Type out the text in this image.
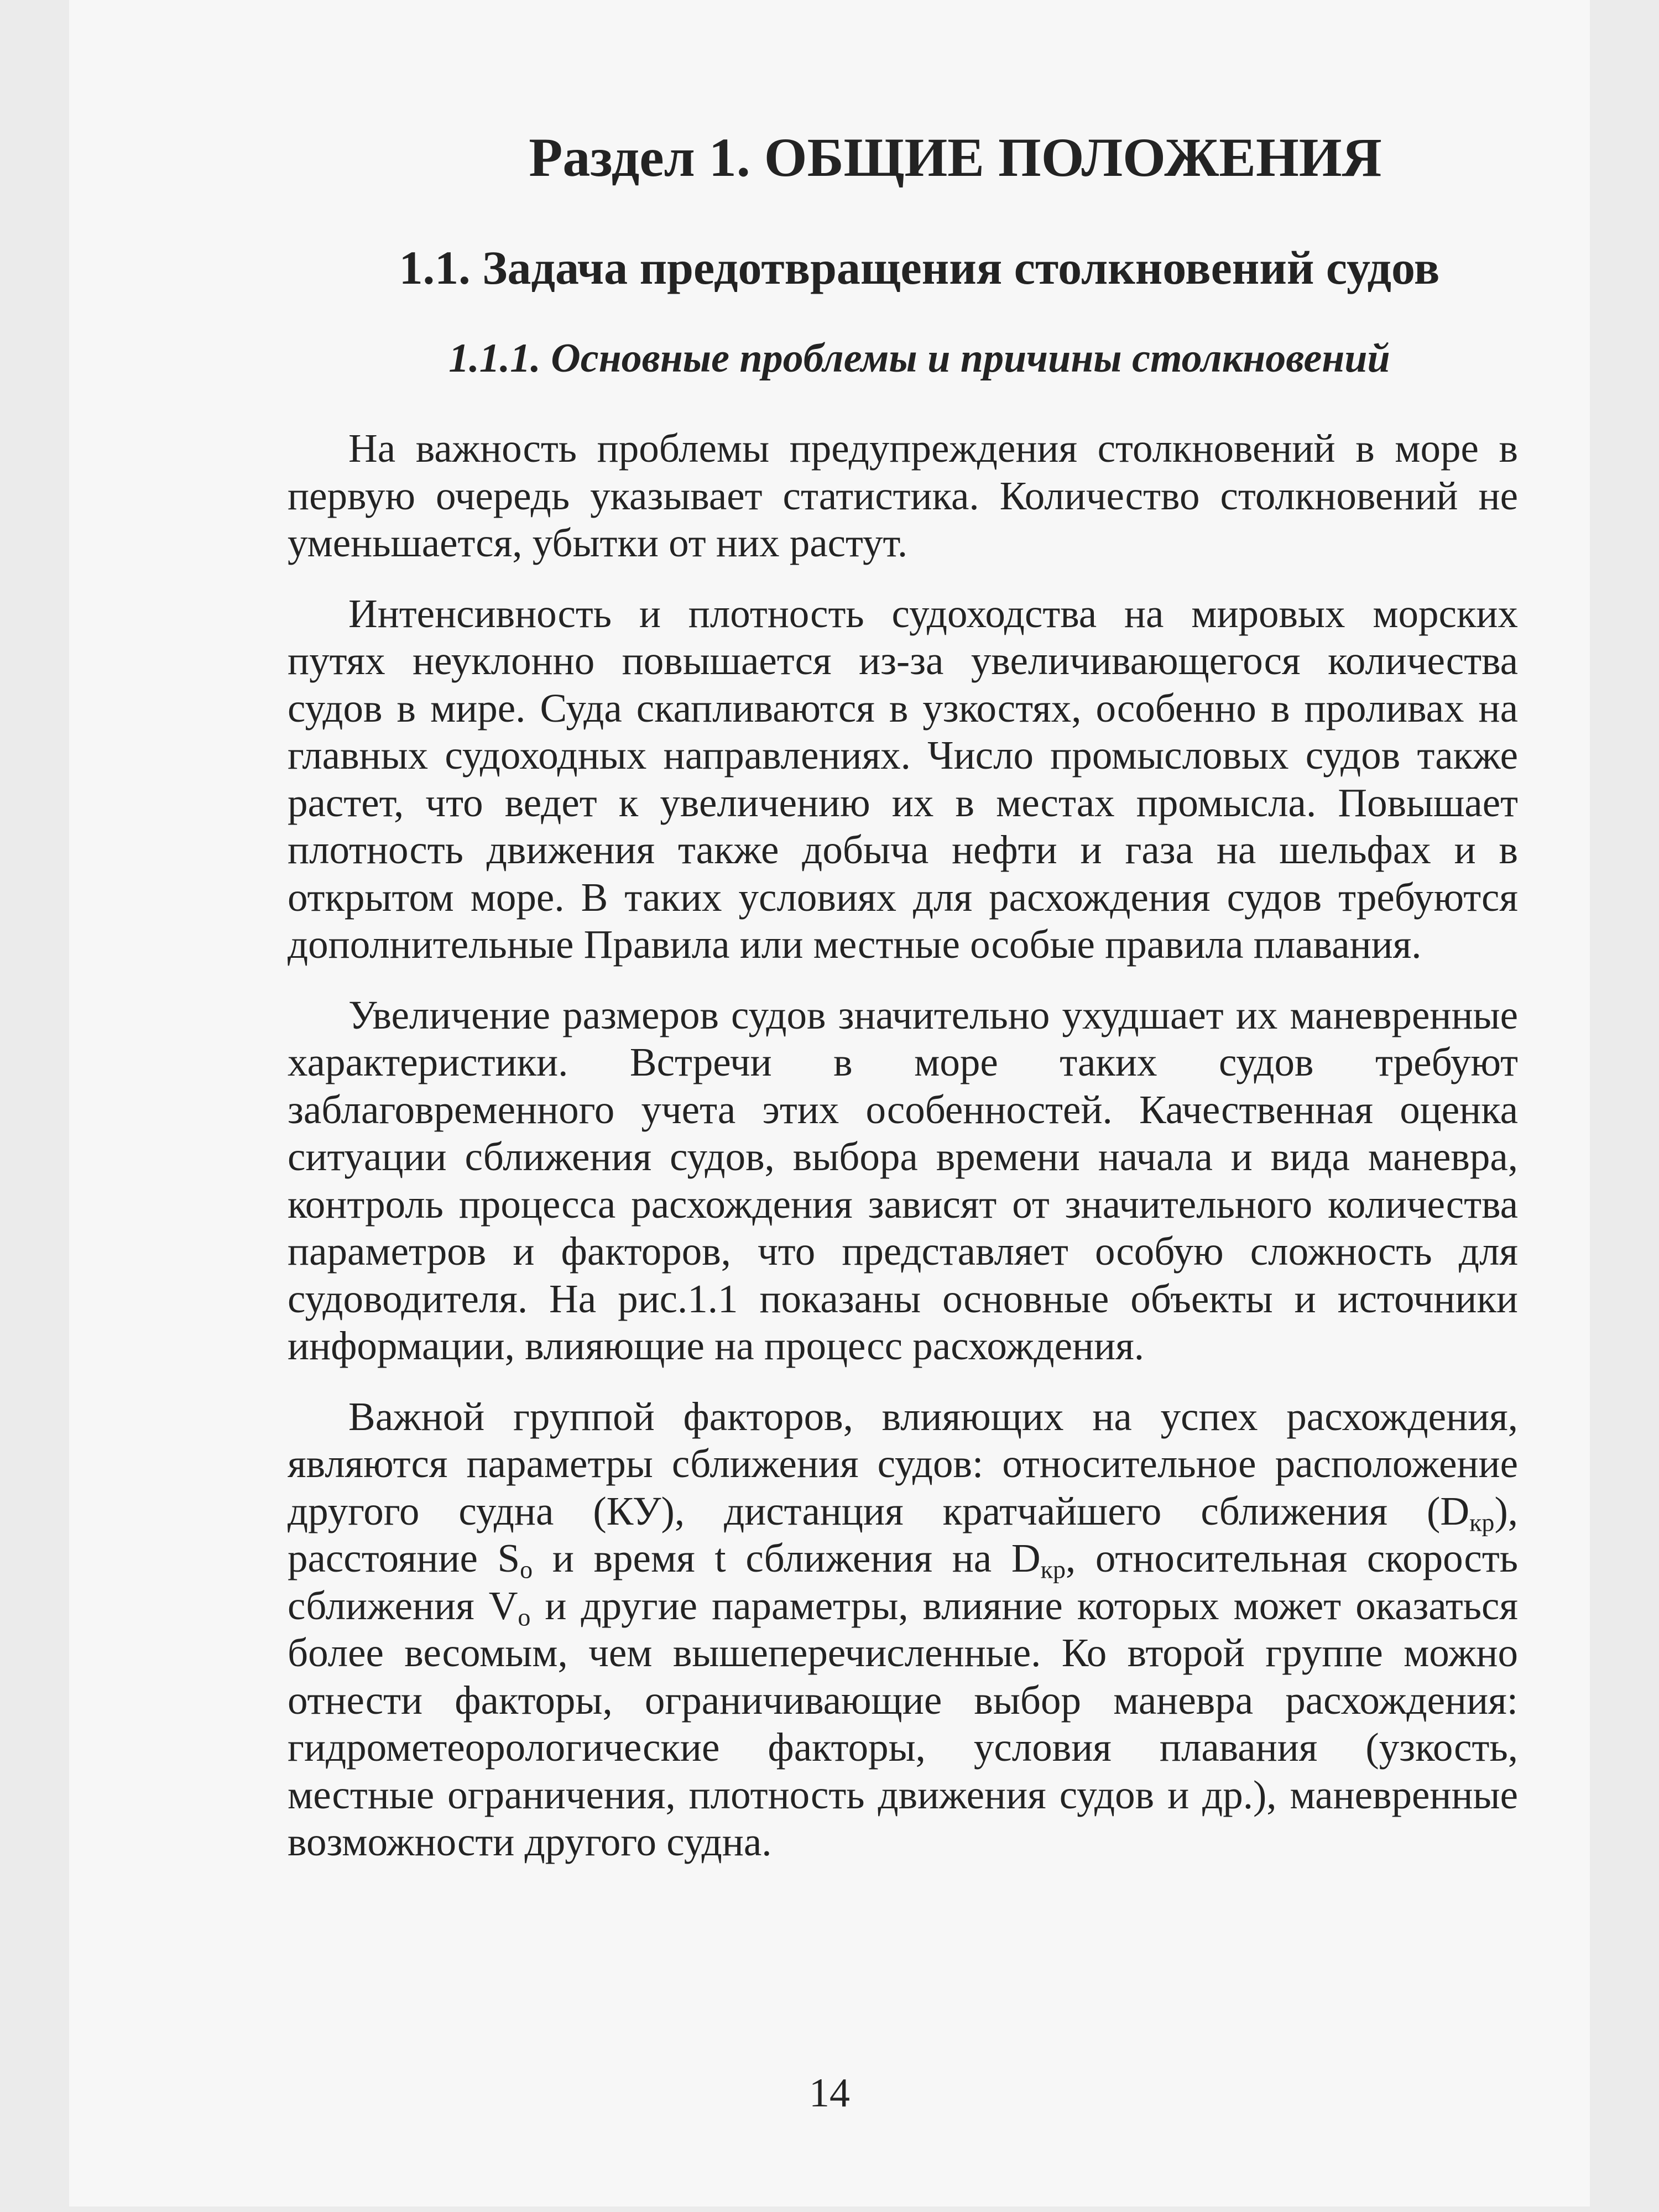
Раздел 1. ОБЩИЕ ПОЛОЖЕНИЯ
1.1. Задача предотвращения столкновений судов
1.1.1. Основные проблемы и причины столкновений

На важность проблемы предупреждения столкновений в море в первую очередь указывает статистика. Количество столкновений не уменьшается, убытки от них растут.

Интенсивность и плотность судоходства на мировых морских путях неуклонно повышается из-за увеличивающегося количества судов в мире. Суда скапливаются в узкостях, особенно в проливах на главных судоходных направлениях. Число промысловых судов также растет, что ведет к увеличению их в местах промысла. Повышает плотность движения также добыча нефти и газа на шельфах и в открытом море. В таких условиях для расхождения судов требуются дополнительные Правила или местные особые правила плавания.

Увеличение размеров судов значительно ухудшает их маневренные характеристики. Встречи в море таких судов требуют заблаговременного учета этих особенностей. Качественная оценка ситуации сближения судов, выбора времени начала и вида маневра, контроль процесса расхождения зависят от значительного количества параметров и факторов, что представляет особую сложность для судоводителя. На рис.1.1 показаны основные объекты и источники информации, влияющие на процесс расхождения.

Важной группой факторов, влияющих на успех расхождения, являются параметры сближения судов: относительное расположение другого судна (КУ), дистанция кратчайшего сближения $(D_{кр})$, расстояние $S_о$ и время t сближения на $D_{кр}$, относительная скорость сближения $V_о$ и другие параметры, влияние которых может оказаться более весомым, чем вышеперечисленные. Ко второй группе можно отнести факторы, ограничивающие выбор маневра расхождения: гидрометеорологические факторы, условия плавания (узкость, местные ограничения, плотность движения судов и др.), маневренные возможности другого судна.

14
